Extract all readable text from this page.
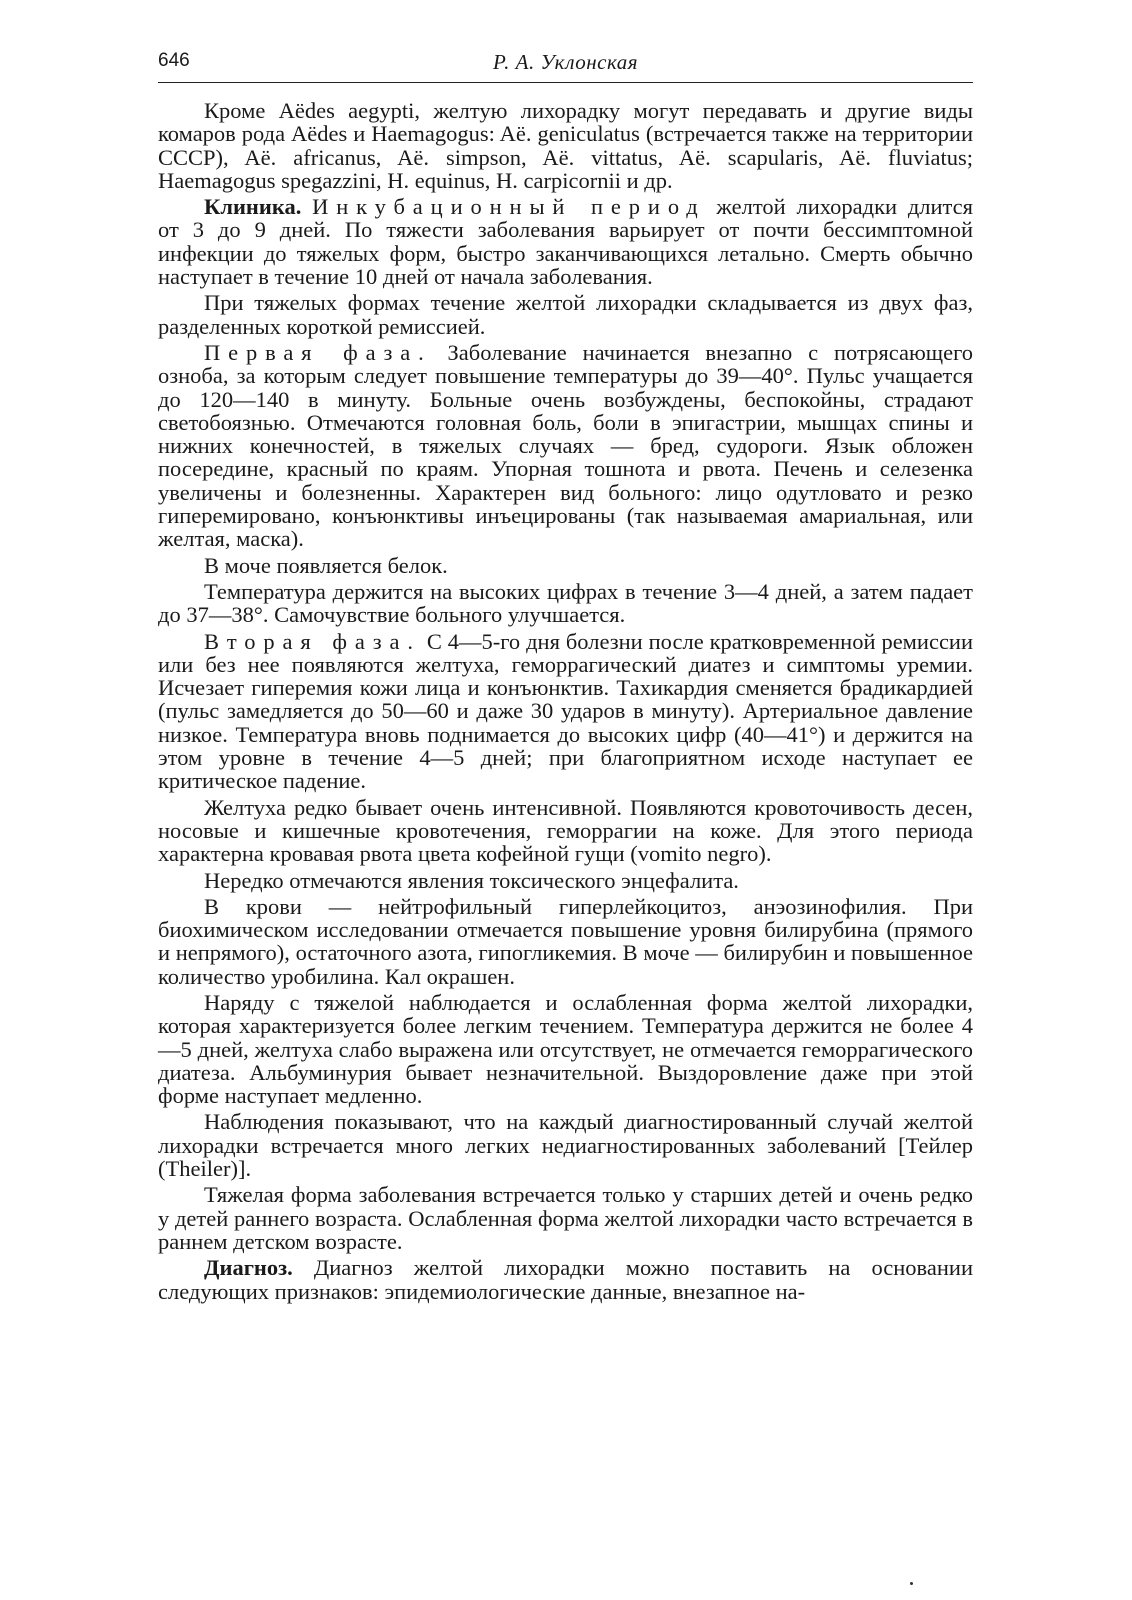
646	Р. А. Уклонская

Кроме Aëdes aegypti, желтую лихорадку могут передавать и другие виды комаров рода Aëdes и Haemagogus: Aë. geniculatus (встречается также на территории СССР), Aë. africanus, Aë. simpson, Aë. vittatus, Aë. scapularis, Aë. fluviatus; Haemagogus spegazzini, H. equinus, H. carpicornii и др.

Клиника. Инкубационный период желтой лихорадки длится от 3 до 9 дней. По тяжести заболевания варьирует от почти бессимптомной инфекции до тяжелых форм, быстро заканчивающихся летально. Смерть обычно наступает в течение 10 дней от начала заболевания.

При тяжелых формах течение желтой лихорадки складывается из двух фаз, разделенных короткой ремиссией.

Первая фаза. Заболевание начинается внезапно с потрясающего озноба, за которым следует повышение температуры до 39—40°. Пульс учащается до 120—140 в минуту. Больные очень возбуждены, беспокойны, страдают светобоязнью. Отмечаются головная боль, боли в эпигастрии, мышцах спины и нижних конечностей, в тяжелых случаях — бред, судороги. Язык обложен посередине, красный по краям. Упорная тошнота и рвота. Печень и селезенка увеличены и болезненны. Характерен вид больного: лицо одутловато и резко гиперемировано, конъюнктивы инъецированы (так называемая амариальная, или желтая, маска).

В моче появляется белок.

Температура держится на высоких цифрах в течение 3—4 дней, а затем падает до 37—38°. Самочувствие больного улучшается.

Вторая фаза. С 4—5-го дня болезни после кратковременной ремиссии или без нее появляются желтуха, геморрагический диатез и симптомы уремии. Исчезает гиперемия кожи лица и конъюнктив. Тахикардия сменяется брадикардией (пульс замедляется до 50—60 и даже 30 ударов в минуту). Артериальное давление низкое. Температура вновь поднимается до высоких цифр (40—41°) и держится на этом уровне в течение 4—5 дней; при благоприятном исходе наступает ее критическое падение.

Желтуха редко бывает очень интенсивной. Появляются кровоточивость десен, носовые и кишечные кровотечения, геморрагии на коже. Для этого периода характерна кровавая рвота цвета кофейной гущи (vomito negro).

Нередко отмечаются явления токсического энцефалита.

В крови — нейтрофильный гиперлейкоцитоз, анэозинофилия. При биохимическом исследовании отмечается повышение уровня билирубина (прямого и непрямого), остаточного азота, гипогликемия. В моче — билирубин и повышенное количество уробилина. Кал окрашен.

Наряду с тяжелой наблюдается и ослабленная форма желтой лихорадки, которая характеризуется более легким течением. Температура держится не более 4—5 дней, желтуха слабо выражена или отсутствует, не отмечается геморрагического диатеза. Альбуминурия бывает незначительной. Выздоровление даже при этой форме наступает медленно.

Наблюдения показывают, что на каждый диагностированный случай желтой лихорадки встречается много легких недиагностированных заболеваний [Тейлер (Theiler)].

Тяжелая форма заболевания встречается только у старших детей и очень редко у детей раннего возраста. Ослабленная форма желтой лихорадки часто встречается в раннем детском возрасте.

Диагноз. Диагноз желтой лихорадки можно поставить на основании следующих признаков: эпидемиологические данные, внезапное на-
